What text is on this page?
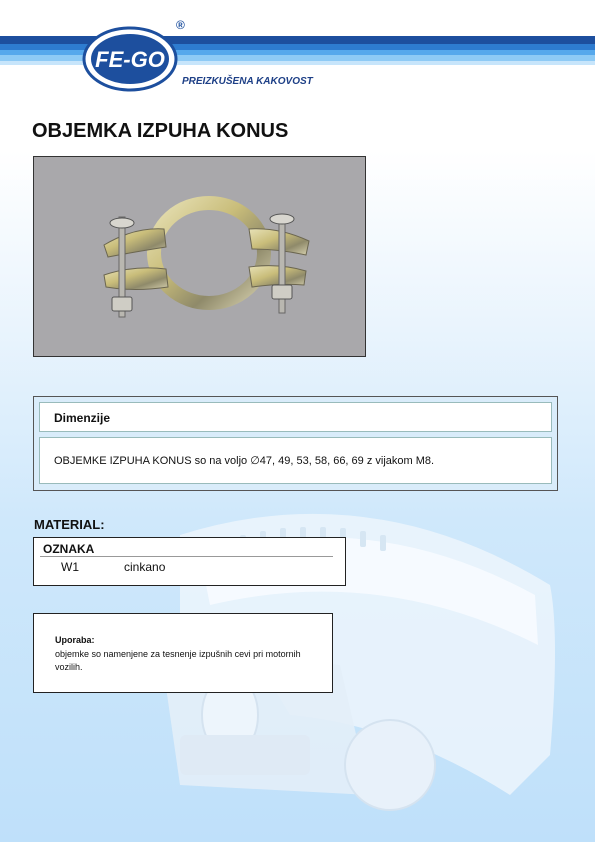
FE-GO
®
PREIZKUŠENA KAKOVOST
OBJEMKA IZPUHA KONUS
Dimenzije
OBJEMKE IZPUHA KONUS so na voljo ∅47, 49, 53, 58, 66, 69 z vijakom M8.
MATERIAL:
OZNAKA
W1	cinkano
Uporaba:
objemke so namenjene za tesnenje izpušnih cevi pri motornih vozilih.
